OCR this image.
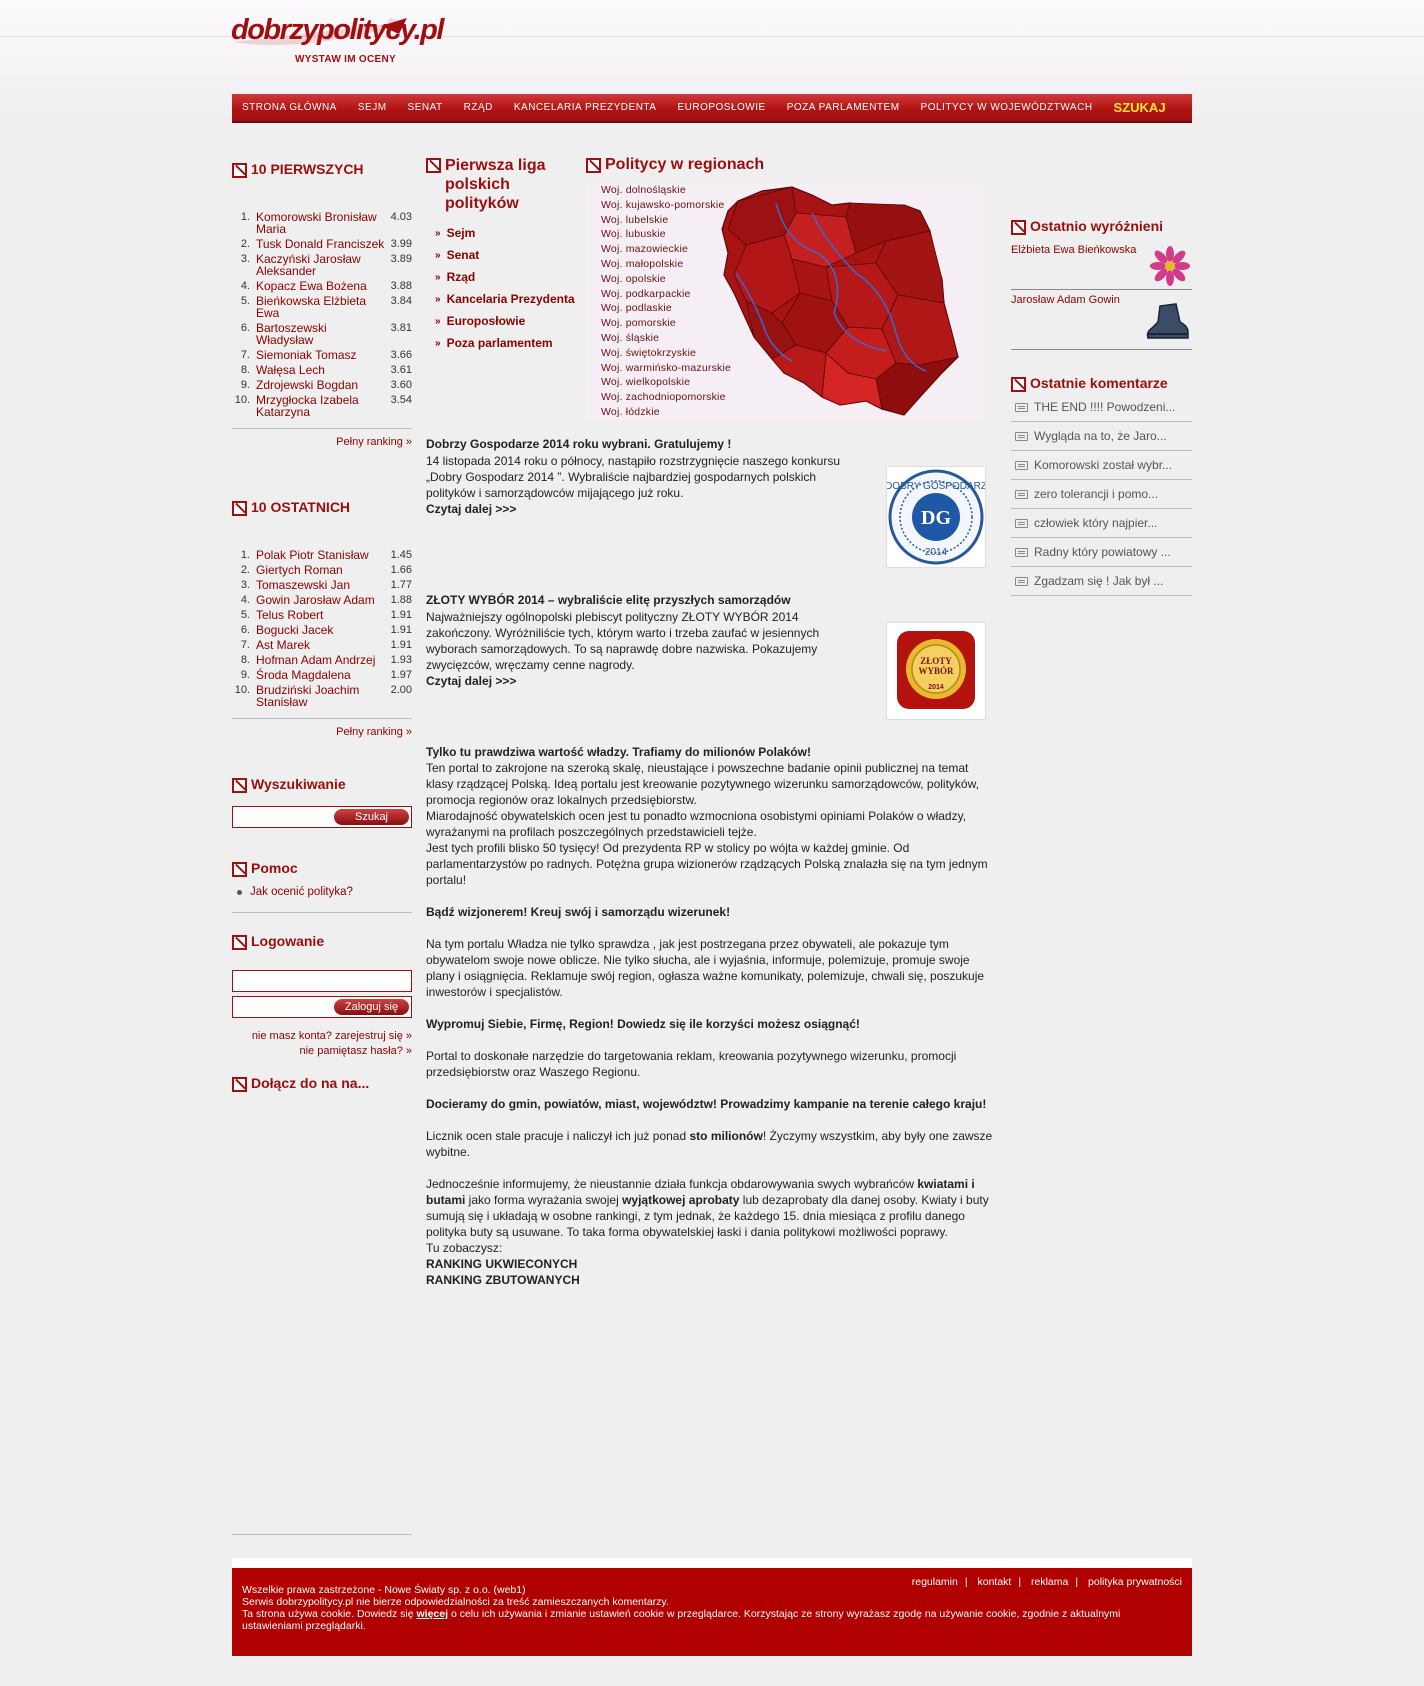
dobrzypolitycy.pl
WYSTAW IM OCENY
STRONA GŁÓWNA SEJM SENAT RZĄD KANCELARIA PREZYDENTA EUROPOSŁOWIE POZA PARLAMENTEM POLITYCY W WOJEWÓDZTWACH SZUKAJ
10 PIERWSZYCH
1. Komorowski Bronisław Maria
4.03
2. Tusk Donald Franciszek 3.99
3. Kaczyński Jarosław Aleksander
3.89
4. Kopacz Ewa Bożena	3.88
5. Bieńkowska Elżbieta Ewa
3.84
6. Bartoszewski Władysław
3.81
7. Siemoniak Tomasz	3.66
8. Wałęsa Lech	3.61
9. Zdrojewski Bogdan	3.60
10. Mrzygłocka Izabela Katarzyna
3.54
Pełny ranking »
10 OSTATNICH
1. Polak Piotr Stanisław	1.45
2. Giertych Roman	1.66
3. Tomaszewski Jan	1.77
4. Gowin Jarosław Adam	1.88
5. Telus Robert	1.91
6. Bogucki Jacek	1.91
7. Ast Marek	1.91
8. Hofman Adam Andrzej	1.93
9. Środa Magdalena	1.97
10. Brudziński Joachim Stanisław
2.00
Pełny ranking »
Wyszukiwanie
Szukaj
Pomoc
Jak ocenić polityka?
Logowanie
Zaloguj się
nie masz konta? zarejestruj się »
nie pamiętasz hasła? »
Dołącz do na na...
Pierwsza liga polskich polityków
» Sejm
» Senat
» Rząd
» Kancelaria Prezydenta
» Europosłowie
» Poza parlamentem
Politycy w regionach
Woj. dolnośląskie
Woj. kujawsko-pomorskie
Woj. lubelskie
Woj. lubuskie
Woj. mazowieckie
Woj. małopolskie
Woj. opolskie
Woj. podkarpackie
Woj. podlaskie
Woj. pomorskie
Woj. śląskie
Woj. świętokrzyskie
Woj. warmińsko-mazurskie
Woj. wielkopolskie
Woj. zachodniopomorskie
Woj. łódzkie
Dobrzy Gospodarze 2014 roku wybrani. Gratulujemy !

14 listopada 2014 roku o północy, nastąpiło rozstrzygnięcie naszego konkursu „Dobry Gospodarz 2014 ”. Wybraliście najbardziej gospodarnych polskich polityków i samorządowców mijającego już roku.

Czytaj dalej >>>	DG
DOBRY GOSPODARZ
2014
ZŁOTY WYBÓR 2014 – wybraliście elitę przyszłych samorządów

Najważniejszy ogólnopolski plebiscyt polityczny ZŁOTY WYBÓR 2014 zakończony. Wyróżniliście tych, którym warto i trzeba zaufać w jesiennych wyborach samorządowych. To są naprawdę dobre nazwiska. Pokazujemy zwycięzców, wręczamy cenne nagrody.

Czytaj dalej >>>
ZŁOTY
WYBÓR
2014
Tylko tu prawdziwa wartość władzy. Trafiamy do milionów Polaków!

Ten portal to zakrojone na szeroką skalę, nieustające i powszechne badanie opinii publicznej na temat klasy rządzącej Polską. Ideą portalu jest kreowanie pozytywnego wizerunku samorządowców, polityków, promocja regionów oraz lokalnych przedsiębiorstw.

Miarodajność obywatelskich ocen jest tu ponadto wzmocniona osobistymi opiniami Polaków o władzy, wyrażanymi na profilach poszczególnych przedstawicieli tejże.

Jest tych profili blisko 50 tysięcy! Od prezydenta RP w stolicy po wójta w każdej gminie. Od parlamentarzystów po radnych. Potężna grupa wizionerów rządzących Polską znalazła się na tym jednym portalu!

Bądź wizjonerem! Kreuj swój i samorządu wizerunek!

Na tym portalu Władza nie tylko sprawdza , jak jest postrzegana przez obywateli, ale pokazuje tym obywatelom swoje nowe oblicze. Nie tylko słucha, ale i wyjaśnia, informuje, polemizuje, promuje swoje plany i osiągnięcia. Reklamuje swój region, ogłasza ważne komunikaty, polemizuje, chwali się, poszukuje inwestorów i specjalistów.

Wypromuj Siebie, Firmę, Region! Dowiedz się ile korzyści możesz osiągnąć!

Portal to doskonałe narzędzie do targetowania reklam, kreowania pozytywnego wizerunku, promocji przedsiębiorstw oraz Waszego Regionu.

Docieramy do gmin, powiatów, miast, województw! Prowadzimy kampanie na terenie całego kraju!

Licznik ocen stale pracuje i naliczył ich już ponad sto milionów! Życzymy wszystkim, aby były one zawsze wybitne.

Jednocześnie informujemy, że nieustannie działa funkcja obdarowywania swych wybrańców kwiatami i butami jako forma wyrażania swojej wyjątkowej aprobaty lub dezaprobaty dla danej osoby. Kwiaty i buty sumują się i układają w osobne rankingi, z tym jednak, że każdego 15. dnia miesiąca z profilu danego polityka buty są usuwane. To taka forma obywatelskiej łaski i dania politykowi możliwości poprawy.

Tu zobaczysz:

RANKING UKWIECONYCH
RANKING ZBUTOWANYCH
Ostatnio wyróżnieni
Elżbieta Ewa Bieńkowska
Jarosław Adam Gowin
Ostatnie komentarze
THE END !!!! Powodzeni...
Wygląda na to, że Jaro...
Komorowski został wybr...
zero tolerancji i pomo...
człowiek który najpier...
Radny który powiatowy ...
Zgadzam się ! Jak był ...
regulamin | kontakt | reklama | polityka prywatności
Wszelkie prawa zastrzeżone - Nowe Światy sp. z o.o. (web1)
Serwis dobrzypolitycy.pl nie bierze odpowiedzialności za treść zamieszczanych komentarzy.
Ta strona używa cookie. Dowiedz się więcej o celu ich używania i zmianie ustawień cookie w przeglądarce. Korzystając ze strony wyrażasz zgodę na używanie cookie, zgodnie z aktualnymi ustawieniami przeglądarki.
